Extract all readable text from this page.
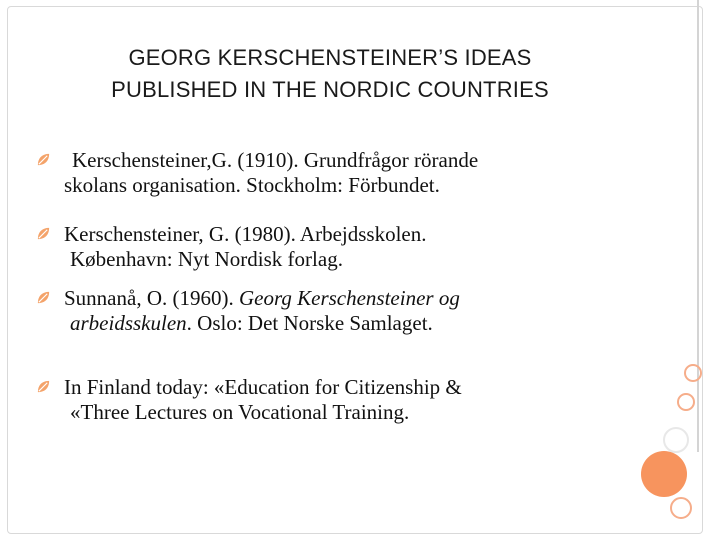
GEORG KERSCHENSTEINER’S IDEAS
PUBLISHED IN THE NORDIC COUNTRIES

Kerschensteiner,G. (1910). Grundfrågor rörande
skolans organisation. Stockholm: Förbundet.

Kerschensteiner, G. (1980). Arbejdsskolen.
København: Nyt Nordisk forlag.

Sunnanå, O. (1960). Georg Kerschensteiner og
arbeidsskulen. Oslo: Det Norske Samlaget.

In Finland today: «Education for Citizenship &
«Three Lectures on Vocational Training.
